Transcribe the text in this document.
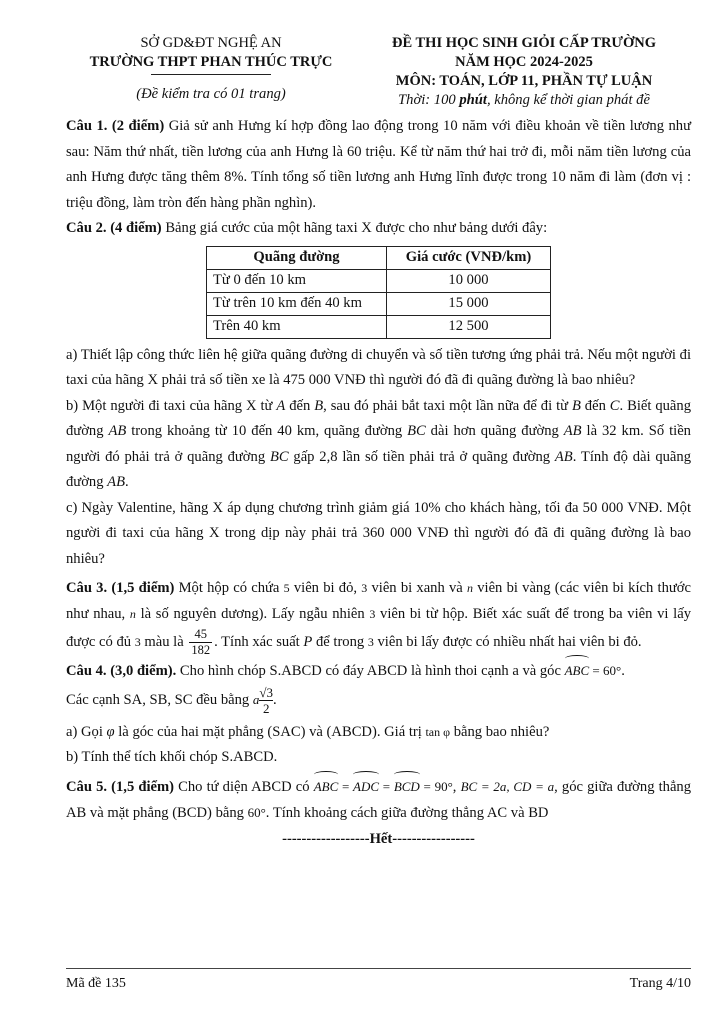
SỞ GD&ĐT NGHỆ AN
TRƯỜNG THPT PHAN THÚC TRỰC
(Đề kiểm tra có 01 trang)
ĐỀ THI HỌC SINH GIỎI CẤP TRƯỜNG
NĂM HỌC 2024-2025
MÔN: TOÁN, LỚP 11, PHẦN TỰ LUẬN
Thời: 100 phút, không kể thời gian phát đề

Câu 1. (2 điểm) Giả sử anh Hưng kí hợp đồng lao động trong 10 năm với điều khoản về tiền lương như sau: Năm thứ nhất, tiền lương của anh Hưng là 60 triệu. Kể từ năm thứ hai trở đi, mỗi năm tiền lương của anh Hưng được tăng thêm 8%. Tính tổng số tiền lương anh Hưng lĩnh được trong 10 năm đi làm (đơn vị : triệu đồng, làm tròn đến hàng phần nghìn).

Câu 2. (4 điểm) Bảng giá cước của một hãng taxi X được cho như bảng dưới đây:

Quãng đường	Giá cước (VNĐ/km)
Từ 0 đến 10 km	10 000
Từ trên 10 km đến 40 km	15 000
Trên 40 km	12 500

a) Thiết lập công thức liên hệ giữa quãng đường di chuyển và số tiền tương ứng phải trả. Nếu một người đi taxi của hãng X phải trả số tiền xe là 475 000 VNĐ thì người đó đã đi quãng đường là bao nhiêu?

b) Một người đi taxi của hãng X từ A đến B, sau đó phải bắt taxi một lần nữa để đi từ B đến C. Biết quãng đường AB trong khoảng từ 10 đến 40 km, quãng đường BC dài hơn quãng đường AB là 32 km. Số tiền người đó phải trả ở quãng đường BC gấp 2,8 lần số tiền phải trả ở quãng đường AB. Tính độ dài quãng đường AB.

c) Ngày Valentine, hãng X áp dụng chương trình giảm giá 10% cho khách hàng, tối đa 50 000 VNĐ. Một người đi taxi của hãng X trong dịp này phải trả 360 000 VNĐ thì người đó đã đi quãng đường là bao nhiêu?

Câu 3. (1,5 điểm) Một hộp có chứa 5 viên bi đỏ, 3 viên bi xanh và n viên bi vàng (các viên bi kích thước như nhau, n là số nguyên dương). Lấy ngẫu nhiên 3 viên bi từ hộp. Biết xác suất để trong ba viên vi lấy được có đủ 3 màu là $\frac{45}{182}$ . Tính xác suất P để trong 3 viên bi lấy được có nhiều nhất hai viên bi đỏ.

Câu 4. (3,0 điểm). Cho hình chóp S.ABCD có đáy ABCD là hình thoi cạnh a và góc ABC = 60°.
Các cạnh SA, SB, SC đều bằng a $\frac{√3}{2}$.

a) Gọi φ là góc của hai mặt phẳng (SAC) và (ABCD). Giá trị tan φ bằng bao nhiêu?

b) Tính thể tích khối chóp S.ABCD.

Câu 5. (1,5 điểm) Cho tứ diện ABCD có ABC = ADC = BCD = 90°, BC = 2a, CD = a, góc giữa đường thẳng AB và mặt phẳng (BCD) bằng 60°. Tính khoảng cách giữa đường thẳng AC và BD

------------------Hết-----------------
Mã đề 135	Trang 4/10
